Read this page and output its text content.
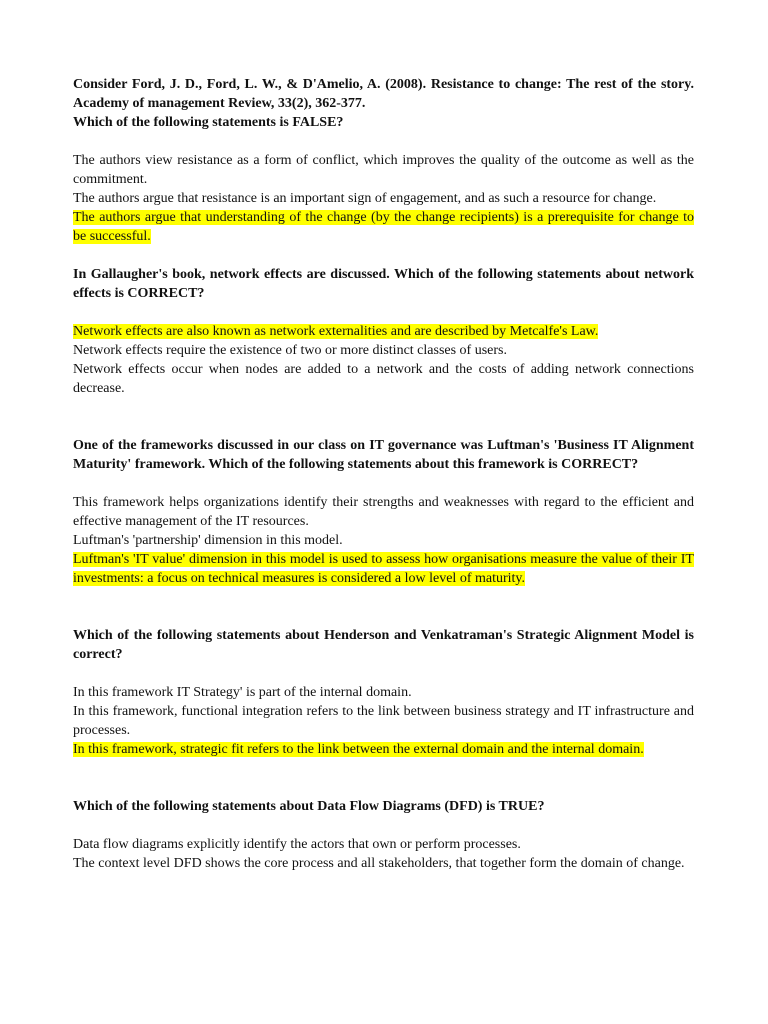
Consider Ford, J. D., Ford, L. W., & D'Amelio, A. (2008). Resistance to change: The rest of the story. Academy of management Review, 33(2), 362-377.

Which of the following statements is FALSE?

The authors view resistance as a form of conflict, which improves the quality of the outcome as well as the commitment.

The authors argue that resistance is an important sign of engagement, and as such a resource for change.

The authors argue that understanding of the change (by the change recipients) is a prerequisite for change to be successful.

In Gallaugher's book, network effects are discussed. Which of the following statements about network effects is CORRECT?

Network effects are also known as network externalities and are described by Metcalfe's Law.

Network effects require the existence of two or more distinct classes of users.

Network effects occur when nodes are added to a network and the costs of adding network connections decrease.

One of the frameworks discussed in our class on IT governance was Luftman's 'Business IT Alignment Maturity' framework. Which of the following statements about this framework is CORRECT?

This framework helps organizations identify their strengths and weaknesses with regard to the efficient and effective management of the IT resources.

Luftman's 'partnership' dimension in this model.

Luftman's 'IT value' dimension in this model is used to assess how organisations measure the value of their IT investments: a focus on technical measures is considered a low level of maturity.

Which of the following statements about Henderson and Venkatraman's Strategic Alignment Model is correct?

In this framework IT Strategy' is part of the internal domain.

In this framework, functional integration refers to the link between business strategy and IT infrastructure and processes.

In this framework, strategic fit refers to the link between the external domain and the internal domain.

Which of the following statements about Data Flow Diagrams (DFD) is TRUE?

Data flow diagrams explicitly identify the actors that own or perform processes.

The context level DFD shows the core process and all stakeholders, that together form the domain of change.
